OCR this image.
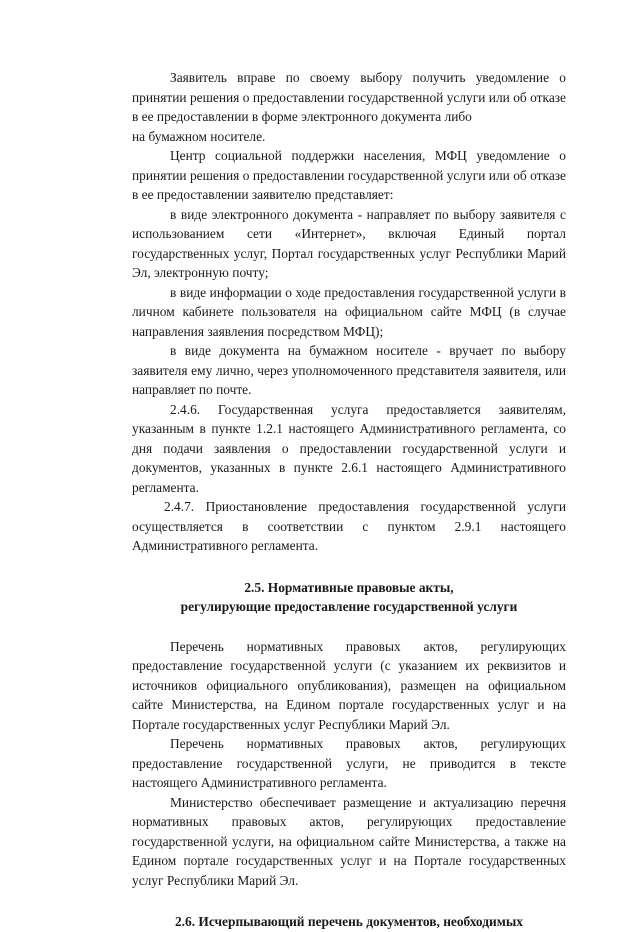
Заявитель вправе по своему выбору получить уведомление о принятии решения о предоставлении государственной услуги или об отказе в ее предоставлении в форме электронного документа либо

на бумажном носителе.

Центр социальной поддержки населения, МФЦ уведомление о принятии решения о предоставлении государственной услуги или об отказе в ее предоставлении заявителю представляет:

в виде электронного документа - направляет по выбору заявителя с использованием сети «Интернет», включая Единый портал государственных услуг, Портал государственных услуг Республики Марий Эл, электронную почту;

в виде информации о ходе предоставления государственной услуги в личном кабинете пользователя на официальном сайте МФЦ (в случае направления заявления посредством МФЦ);

в виде документа на бумажном носителе - вручает по выбору заявителя ему лично, через уполномоченного представителя заявителя, или направляет по почте.

2.4.6. Государственная услуга предоставляется заявителям, указанным в пункте 1.2.1 настоящего Административного регламента, со дня подачи заявления о предоставлении государственной услуги и документов, указанных в пункте 2.6.1 настоящего Административного регламента.

2.4.7. Приостановление предоставления государственной услуги осуществляется в соответствии с пунктом 2.9.1 настоящего Административного регламента.

2.5. Нормативные правовые акты,

регулирующие предоставление государственной услуги

Перечень нормативных правовых актов, регулирующих предоставление государственной услуги (с указанием их реквизитов и источников официального опубликования), размещен на официальном сайте Министерства, на Едином портале государственных услуг и на Портале государственных услуг Республики Марий Эл.

Перечень нормативных правовых актов, регулирующих предоставление государственной услуги, не приводится в тексте настоящего Административного регламента.

Министерство обеспечивает размещение и актуализацию перечня нормативных правовых актов, регулирующих предоставление государственной услуги, на официальном сайте Министерства, а также на Едином портале государственных услуг и на Портале государственных услуг Республики Марий Эл.

2.6. Исчерпывающий перечень документов, необходимых
